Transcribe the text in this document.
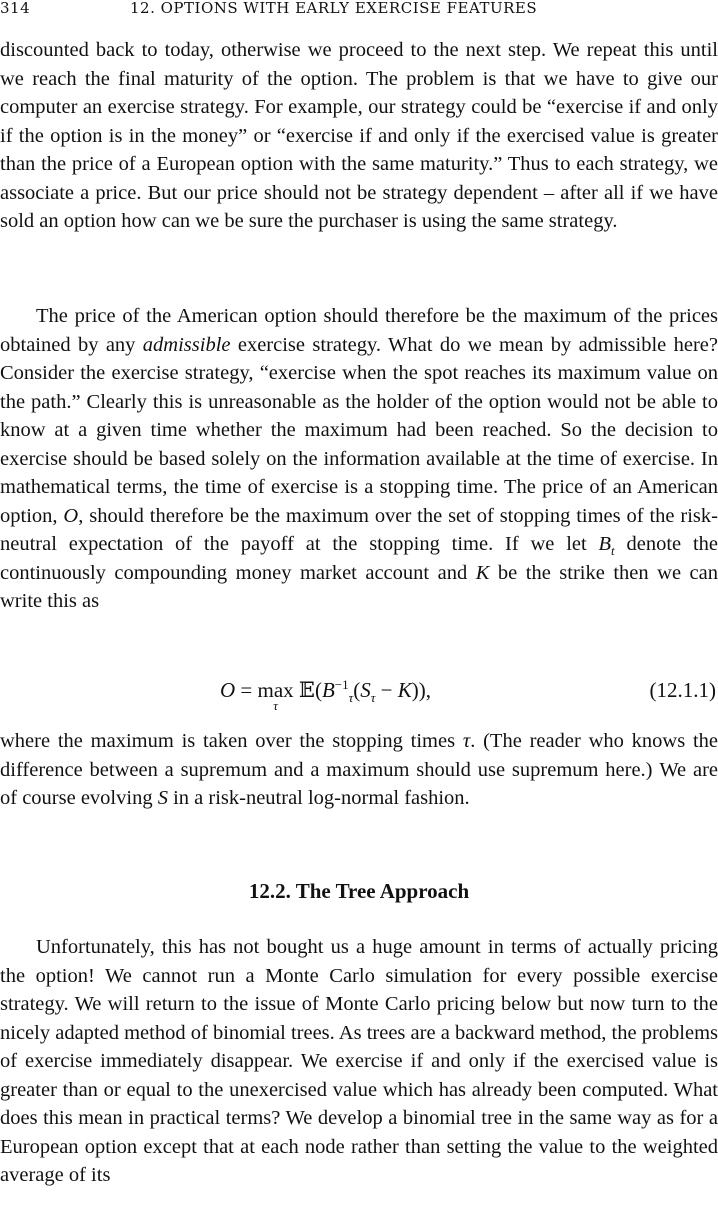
314	12. OPTIONS WITH EARLY EXERCISE FEATURES

discounted back to today, otherwise we proceed to the next step. We repeat this until we reach the final maturity of the option. The problem is that we have to give our computer an exercise strategy. For example, our strategy could be “exercise if and only if the option is in the money” or “exercise if and only if the exercised value is greater than the price of a European option with the same maturity.” Thus to each strategy, we associate a price. But our price should not be strategy dependent – after all if we have sold an option how can we be sure the purchaser is using the same strategy.

The price of the American option should therefore be the maximum of the prices obtained by any admissible exercise strategy. What do we mean by admissible here? Consider the exercise strategy, “exercise when the spot reaches its maximum value on the path.” Clearly this is unreasonable as the holder of the option would not be able to know at a given time whether the maximum had been reached. So the decision to exercise should be based solely on the information available at the time of exercise. In mathematical terms, the time of exercise is a stopping time. The price of an American option, O, should therefore be the maximum over the set of stopping times of the risk-neutral expectation of the payoff at the stopping time. If we let $B_t$ denote the continuously compounding money market account and K be the strike then we can write this as

O = max
τ
$𝔼(B^{-1}_\tau(S_\tau - K))$,	(12.1.1)

where the maximum is taken over the stopping times τ. (The reader who knows the difference between a supremum and a maximum should use supremum here.) We are of course evolving S in a risk-neutral log-normal fashion.

12.2. The Tree Approach

Unfortunately, this has not bought us a huge amount in terms of actually pricing the option! We cannot run a Monte Carlo simulation for every possible exercise strategy. We will return to the issue of Monte Carlo pricing below but now turn to the nicely adapted method of binomial trees. As trees are a backward method, the problems of exercise immediately disappear. We exercise if and only if the exercised value is greater than or equal to the unexercised value which has already been computed. What does this mean in practical terms? We develop a binomial tree in the same way as for a European option except that at each node rather than setting the value to the weighted average of its
